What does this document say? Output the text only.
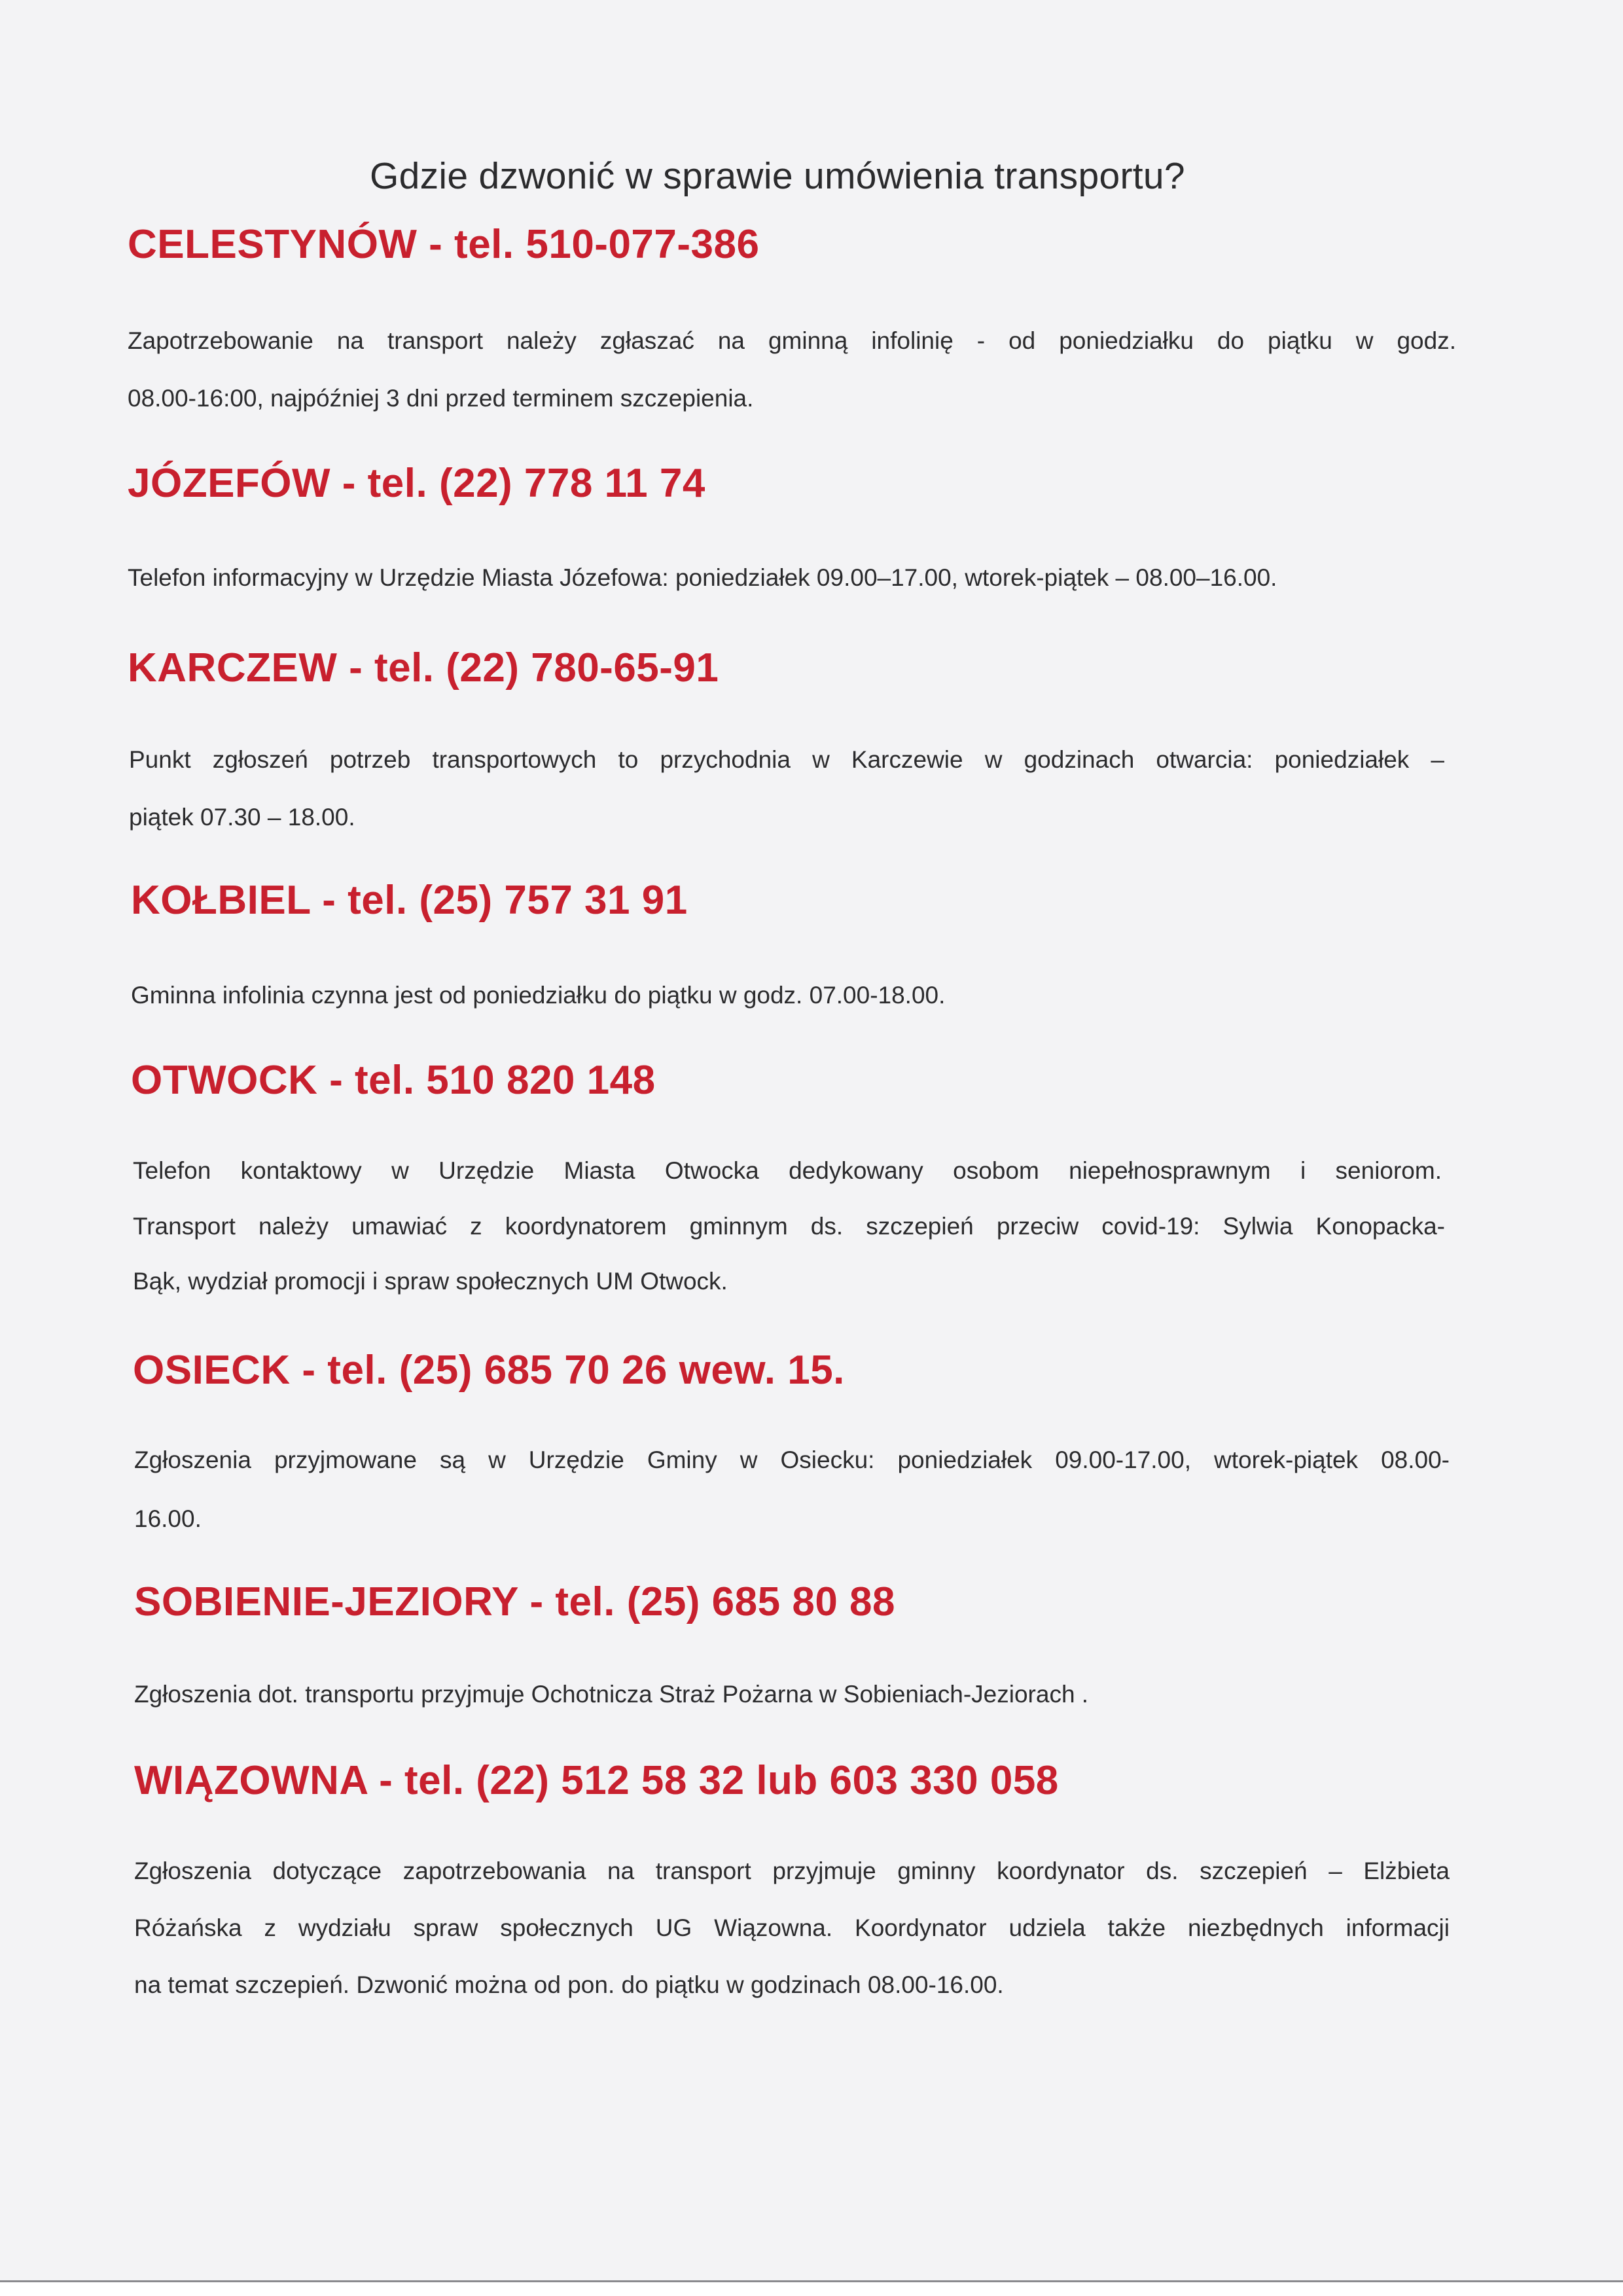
Gdzie dzwonić w sprawie umówienia transportu?
CELESTYNÓW - tel. 510-077-386
Zapotrzebowanie na transport należy zgłaszać na gminną infolinię - od poniedziałku do piątku w godz.
08.00-16:00, najpóźniej 3 dni przed terminem szczepienia.
JÓZEFÓW - tel. (22) 778 11 74
Telefon informacyjny w Urzędzie Miasta Józefowa: poniedziałek 09.00–17.00, wtorek-piątek – 08.00–16.00.
KARCZEW - tel. (22) 780-65-91
Punkt zgłoszeń potrzeb transportowych to przychodnia w Karczewie w godzinach otwarcia: poniedziałek –
piątek 07.30 – 18.00.
KOŁBIEL - tel. (25) 757 31 91
Gminna infolinia czynna jest od poniedziałku do piątku w godz. 07.00-18.00.
OTWOCK - tel. 510 820 148
Telefon kontaktowy w Urzędzie Miasta Otwocka dedykowany osobom niepełnosprawnym i seniorom.
Transport należy umawiać z koordynatorem gminnym ds. szczepień przeciw covid-19: Sylwia Konopacka-
Bąk, wydział promocji i spraw społecznych UM Otwock.
OSIECK - tel. (25) 685 70 26 wew. 15.
Zgłoszenia przyjmowane są w Urzędzie Gminy w Osiecku: poniedziałek 09.00-17.00, wtorek-piątek 08.00-
16.00.
SOBIENIE-JEZIORY - tel. (25) 685 80 88
Zgłoszenia dot. transportu przyjmuje Ochotnicza Straż Pożarna w Sobieniach-Jeziorach .
WIĄZOWNA - tel. (22) 512 58 32 lub 603 330 058
Zgłoszenia dotyczące zapotrzebowania na transport przyjmuje gminny koordynator ds. szczepień – Elżbieta
Różańska z wydziału spraw społecznych UG Wiązowna. Koordynator udziela także niezbędnych informacji
na temat szczepień. Dzwonić można od pon. do piątku w godzinach 08.00-16.00.
